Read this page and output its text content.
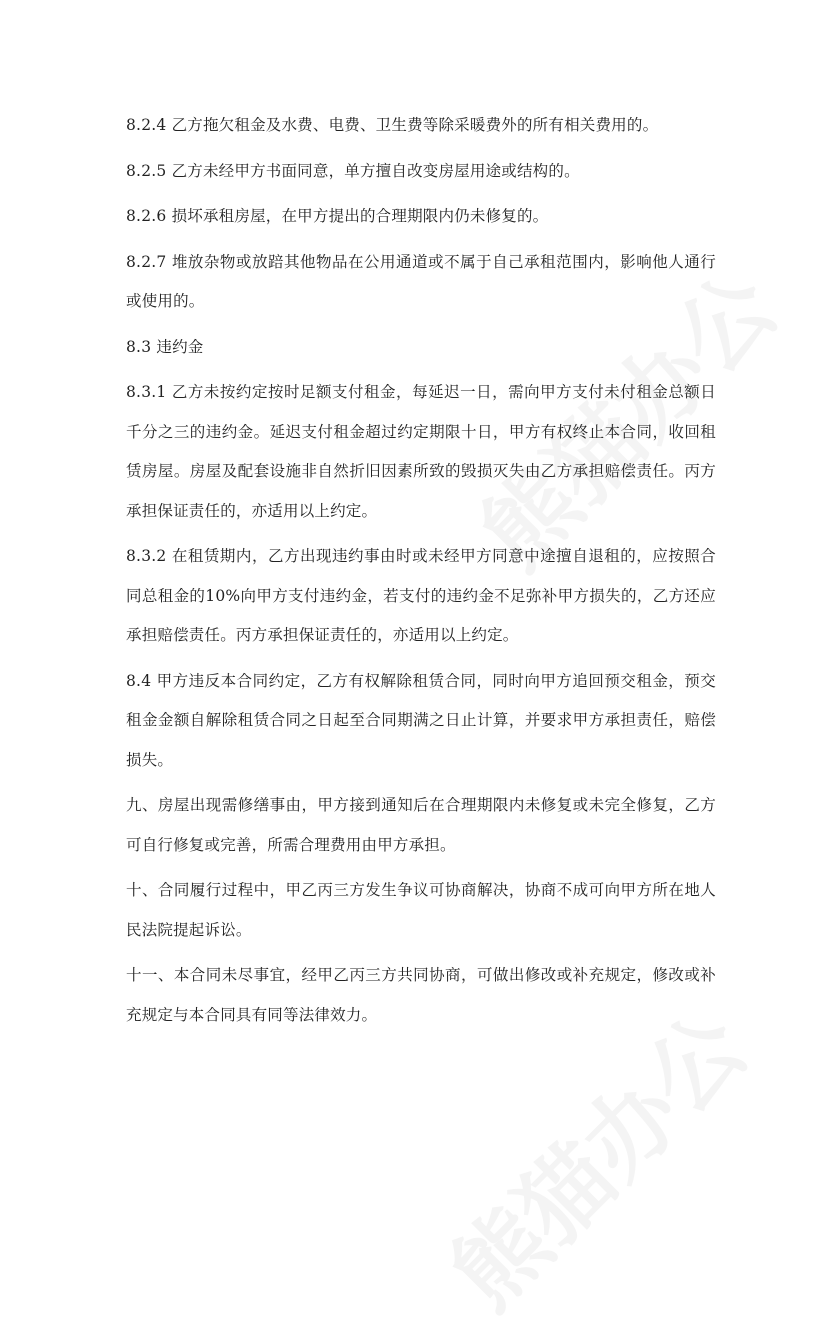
8.2.4 乙方拖欠租金及水费、电费、卫生费等除采暖费外的所有相关费用的。

8.2.5 乙方未经甲方书面同意，单方擅自改变房屋用途或结构的。

8.2.6 损坏承租房屋，在甲方提出的合理期限内仍未修复的。

8.2.7 堆放杂物或放踣其他物品在公用通道或不属于自己承租范围内，影响他人通行或使用的。

8.3 违约金

8.3.1 乙方未按约定按时足额支付租金，每延迟一日，需向甲方支付未付租金总额日千分之三的违约金。延迟支付租金超过约定期限十日，甲方有权终止本合同，收回租赁房屋。房屋及配套设施非自然折旧因素所致的毁损灭失由乙方承担赔偿责任。丙方承担保证责任的，亦适用以上约定。

8.3.2 在租赁期内，乙方出现违约事由时或未经甲方同意中途擅自退租的，应按照合同总租金的10%向甲方支付违约金，若支付的违约金不足弥补甲方损失的，乙方还应承担赔偿责任。丙方承担保证责任的，亦适用以上约定。

8.4 甲方违反本合同约定，乙方有权解除租赁合同，同时向甲方追回预交租金，预交租金金额自解除租赁合同之日起至合同期满之日止计算，并要求甲方承担责任，赔偿损失。

九、房屋出现需修缮事由，甲方接到通知后在合理期限内未修复或未完全修复，乙方可自行修复或完善，所需合理费用由甲方承担。

十、合同履行过程中，甲乙丙三方发生争议可协商解决，协商不成可向甲方所在地人民法院提起诉讼。

十一、本合同未尽事宜，经甲乙丙三方共同协商，可做出修改或补充规定，修改或补充规定与本合同具有同等法律效力。
